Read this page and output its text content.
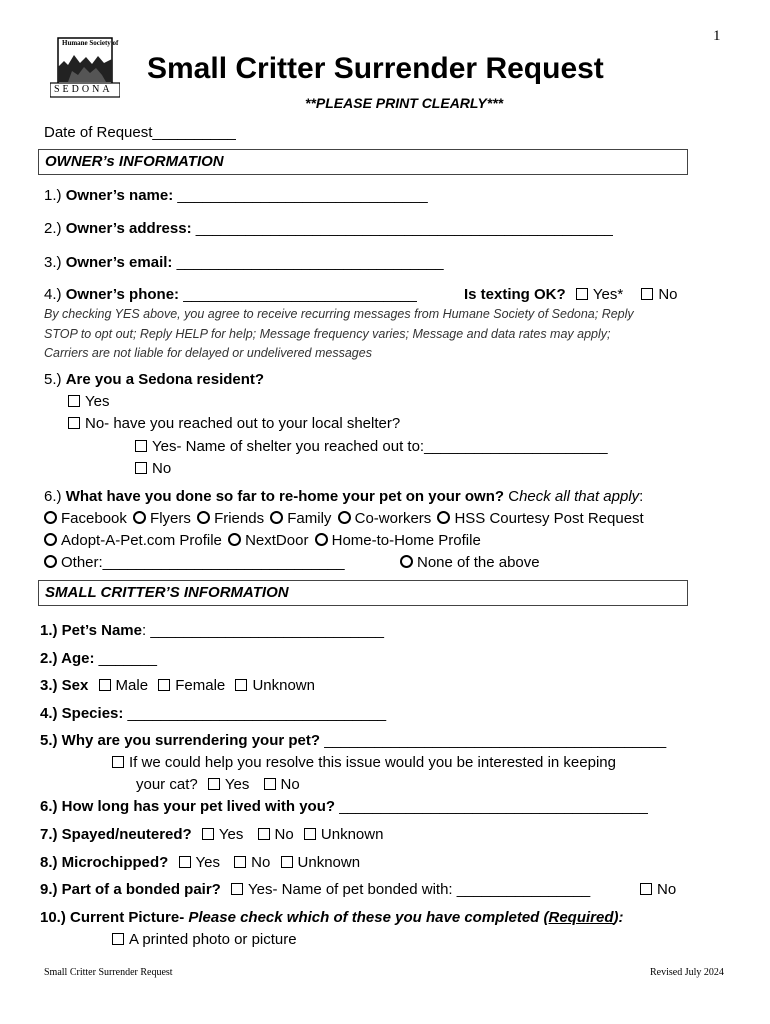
1
Humane Society of
SEDONA
Small Critter Surrender Request
**PLEASE PRINT CLEARLY***
Date of Request__________
OWNER’s INFORMATION
1.) Owner’s name: ______________________________
2.) Owner’s address: __________________________________________________
3.) Owner’s email: ________________________________
4.) Owner’s phone: ____________________________	Is texting OK? Yes* No
By checking YES above, you agree to receive recurring messages from Humane Society of Sedona; Reply
STOP to opt out; Reply HELP for help; Message frequency varies; Message and data rates may apply;
Carriers are not liable for delayed or undelivered messages
5.) Are you a Sedona resident?
Yes
No- have you reached out to your local shelter?
Yes- Name of shelter you reached out to:______________________
No
6.) What have you done so far to re-home your pet on your own? Check all that apply:
Facebook Flyers Friends Family Co-workers HSS Courtesy Post Request
Adopt-A-Pet.com Profile NextDoor Home-to-Home Profile
Other:_____________________________	None of the above
SMALL CRITTER’S INFORMATION
1.) Pet’s Name: ____________________________
2.) Age: _______
3.) Sex Male Female Unknown
4.) Species: _______________________________
5.) Why are you surrendering your pet? _________________________________________
If we could help you resolve this issue would you be interested in keeping
your cat? Yes No
6.) How long has your pet lived with you? _____________________________________
7.) Spayed/neutered? Yes No Unknown
8.) Microchipped? Yes No Unknown
9.) Part of a bonded pair? Yes- Name of pet bonded with: ________________	No
10.) Current Picture- Please check which of these you have completed (Required):
A printed photo or picture
Small Critter Surrender Request	Revised July 2024
